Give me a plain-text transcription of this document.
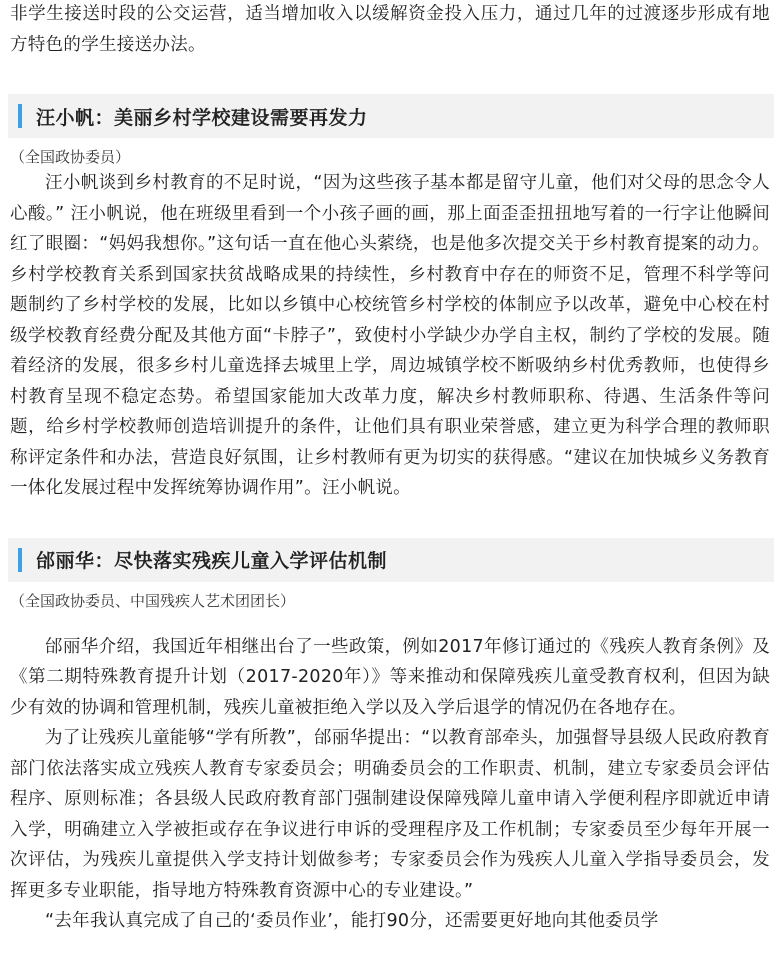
非学生接送时段的公交运营，适当增加收入以缓解资金投入压力，通过几年的过渡逐步形成有地方特色的学生接送办法。

汪小帆：美丽乡村学校建设需要再发力

（全国政协委员）

汪小帆谈到乡村教育的不足时说，“因为这些孩子基本都是留守儿童，他们对父母的思念令人心酸。” 汪小帆说，他在班级里看到一个小孩子画的画，那上面歪歪扭扭地写着的一行字让他瞬间红了眼圈：“妈妈我想你。”这句话一直在他心头萦绕，也是他多次提交关于乡村教育提案的动力。乡村学校教育关系到国家扶贫战略成果的持续性，乡村教育中存在的师资不足，管理不科学等问题制约了乡村学校的发展，比如以乡镇中心校统管乡村学校的体制应予以改革，避免中心校在村级学校教育经费分配及其他方面“卡脖子”，致使村小学缺少办学自主权，制约了学校的发展。随着经济的发展，很多乡村儿童选择去城里上学，周边城镇学校不断吸纳乡村优秀教师，也使得乡村教育呈现不稳定态势。希望国家能加大改革力度，解决乡村教师职称、待遇、生活条件等问题，给乡村学校教师创造培训提升的条件，让他们具有职业荣誉感，建立更为科学合理的教师职称评定条件和办法，营造良好氛围，让乡村教师有更为切实的获得感。“建议在加快城乡义务教育一体化发展过程中发挥统筹协调作用”。汪小帆说。

邰丽华：尽快落实残疾儿童入学评估机制

（全国政协委员、中国残疾人艺术团团长）

邰丽华介绍，我国近年相继出台了一些政策，例如2017年修订通过的《残疾人教育条例》及《第二期特殊教育提升计划（2017-2020年）》等来推动和保障残疾儿童受教育权利，但因为缺少有效的协调和管理机制，残疾儿童被拒绝入学以及入学后退学的情况仍在各地存在。

为了让残疾儿童能够“学有所教”，邰丽华提出：“以教育部牵头，加强督导县级人民政府教育部门依法落实成立残疾人教育专家委员会；明确委员会的工作职责、机制，建立专家委员会评估程序、原则标准；各县级人民政府教育部门强制建设保障残障儿童申请入学便利程序即就近申请入学，明确建立入学被拒或存在争议进行申诉的受理程序及工作机制；专家委员至少每年开展一次评估，为残疾儿童提供入学支持计划做参考；专家委员会作为残疾人儿童入学指导委员会，发挥更多专业职能，指导地方特殊教育资源中心的专业建设。”

“去年我认真完成了自己的‘委员作业’，能打90分，还需要更好地向其他委员学
